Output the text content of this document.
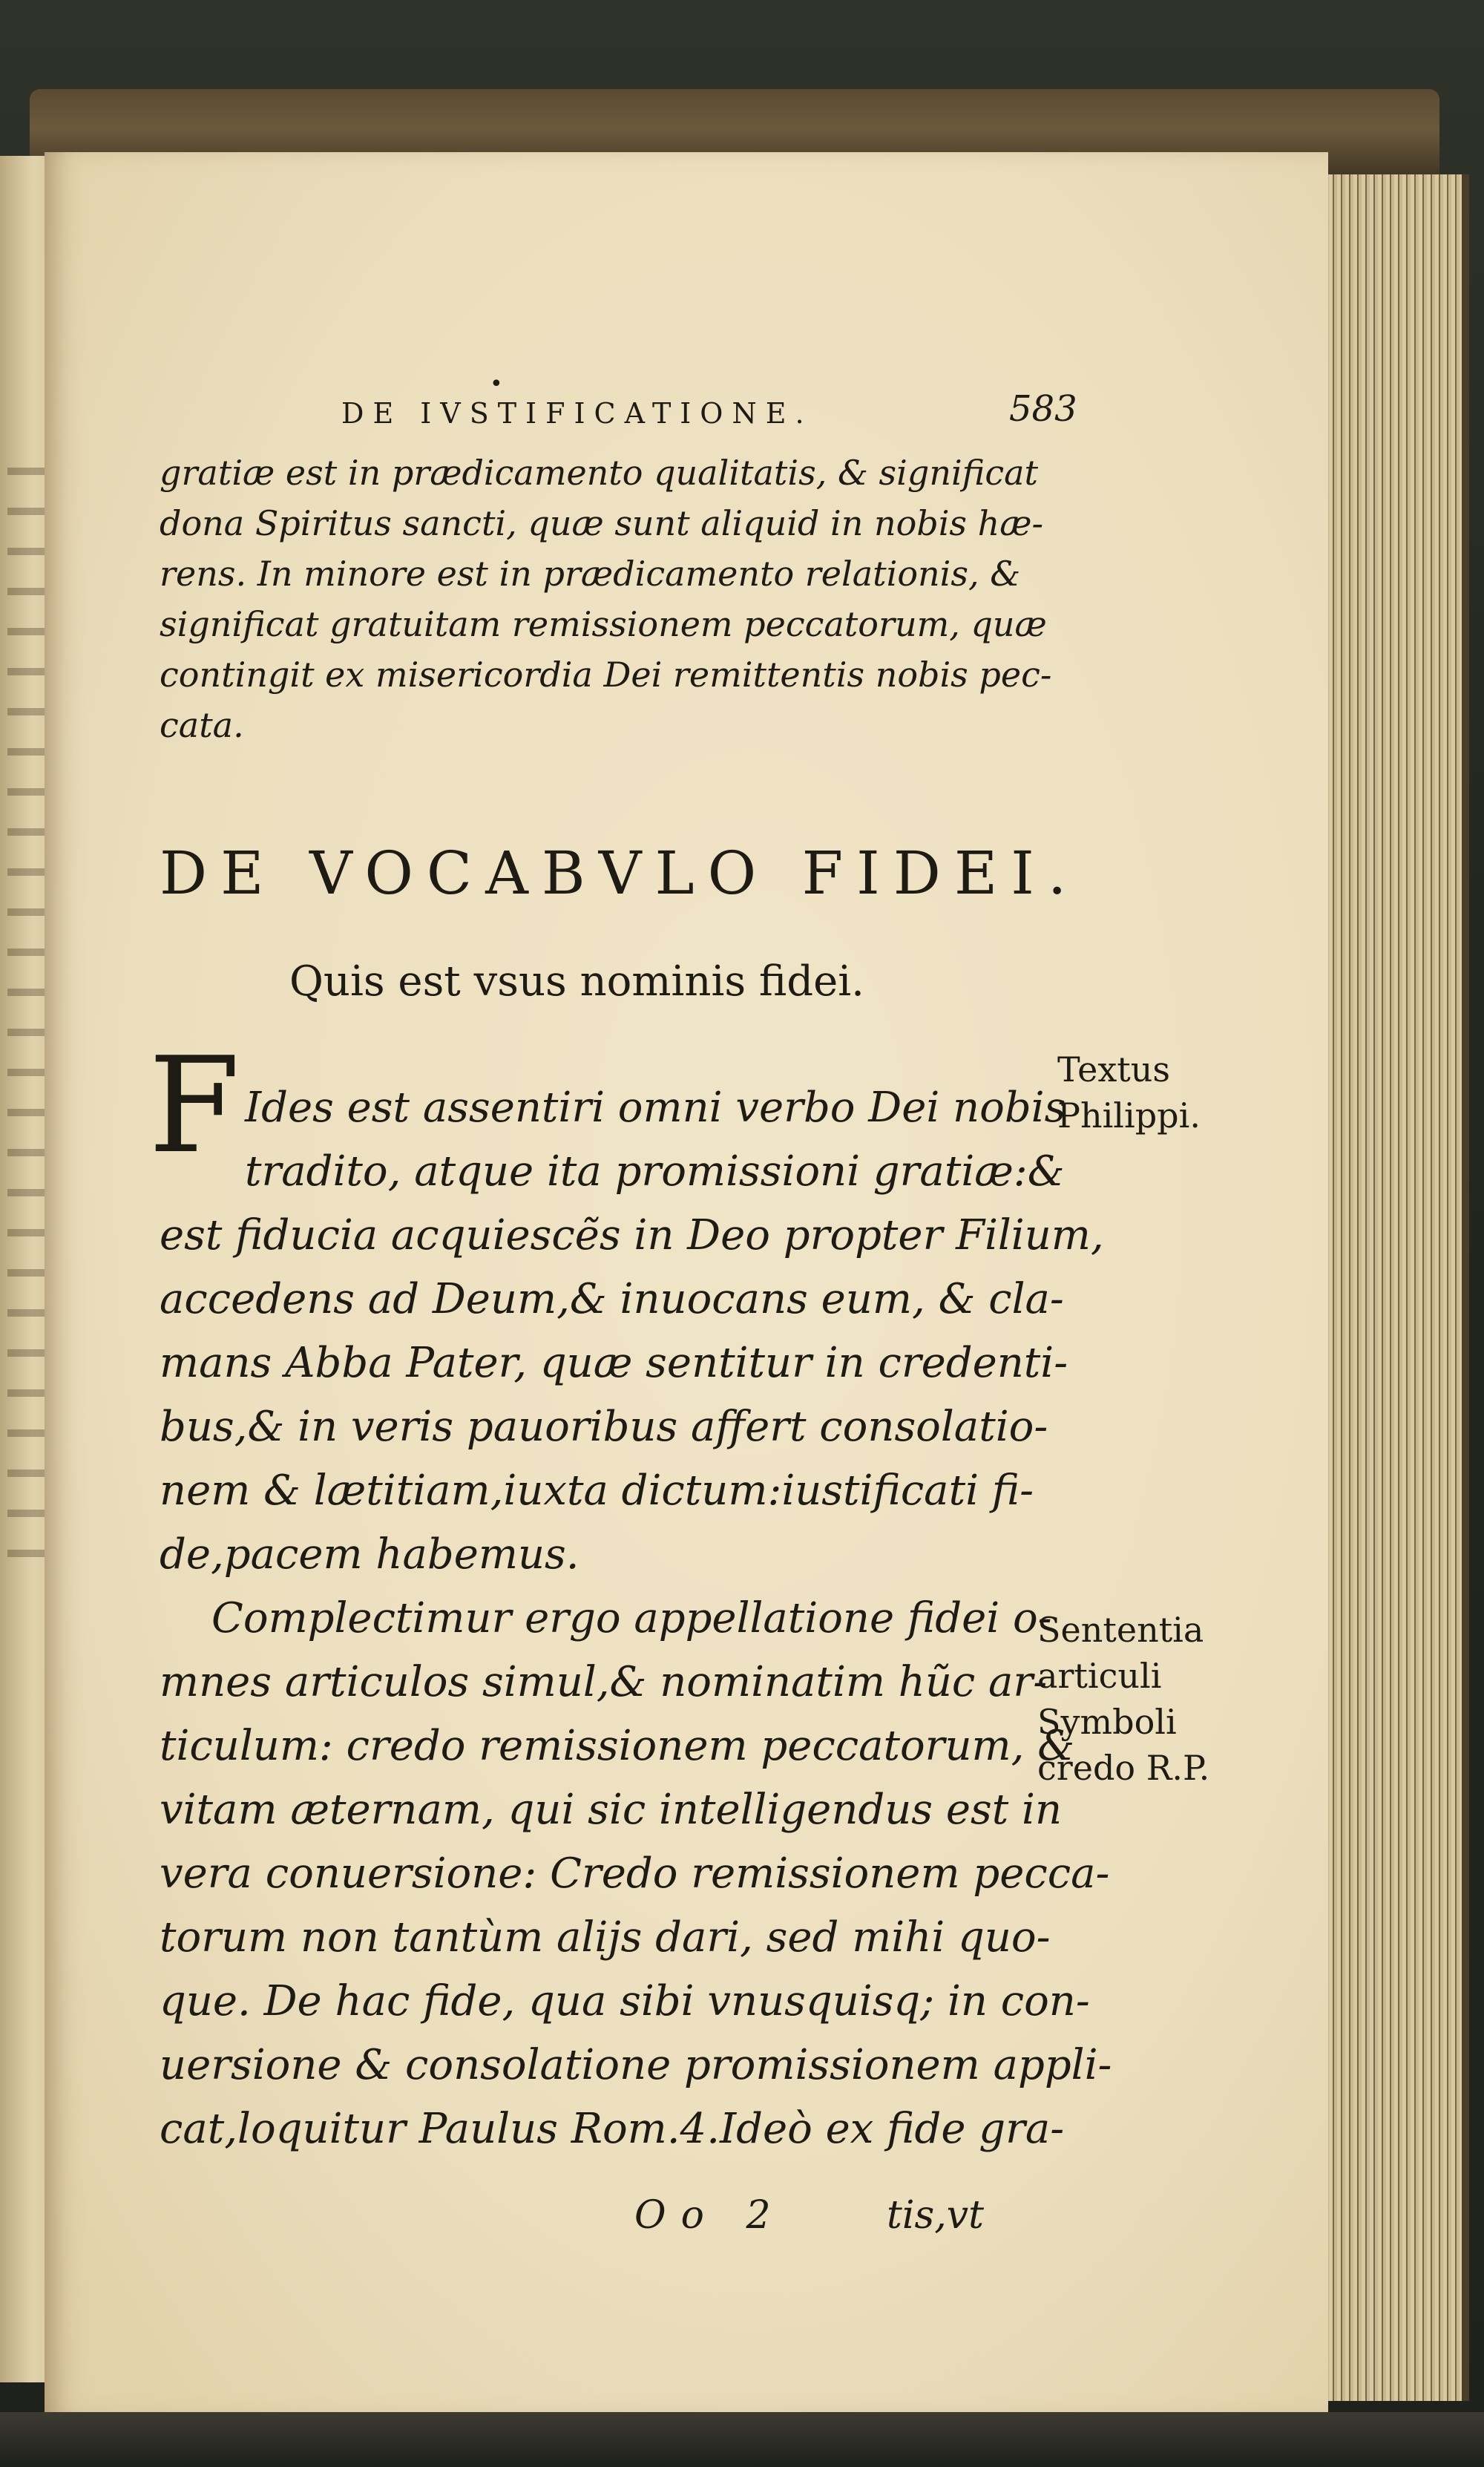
•
DE IVSTIFICATIONE.	583
gratiæ est in prædicamento qualitatis, & significat
dona Spiritus sancti, quæ sunt aliquid in nobis hæ-
rens. In minore est in prædicamento relationis, &
significat gratuitam remissionem peccatorum, quæ
contingit ex misericordia Dei remittentis nobis pec-
cata.
DE VOCABVLO FIDEI.
Quis est vsus nominis fidei.
F Ides est assentiri omni verbo Dei nobis
tradito, atque ita promissioni gratiæ:&
est fiducia acquiescẽs in Deo propter Filium,
accedens ad Deum,& inuocans eum, & cla-
mans Abba Pater, quæ sentitur in credenti-
bus,& in veris pauoribus affert consolatio-
nem & lætitiam,iuxta dictum:iustificati fi-
de,pacem habemus.
Complectimur ergo appellatione fidei o-
mnes articulos simul,& nominatim hũc ar-
ticulum: credo remissionem peccatorum, &
vitam æternam, qui sic intelligendus est in
vera conuersione: Credo remissionem pecca-
torum non tantùm alijs dari, sed mihi quo-
que. De hac fide, qua sibi vnusquisq; in con-
uersione & consolatione promissionem appli-
cat,loquitur Paulus Rom.4.Ideò ex fide gra-
Textus
Philippi.
Sententia
articuli
Symboli
credo R.P.
Oo 2	tis,vt
